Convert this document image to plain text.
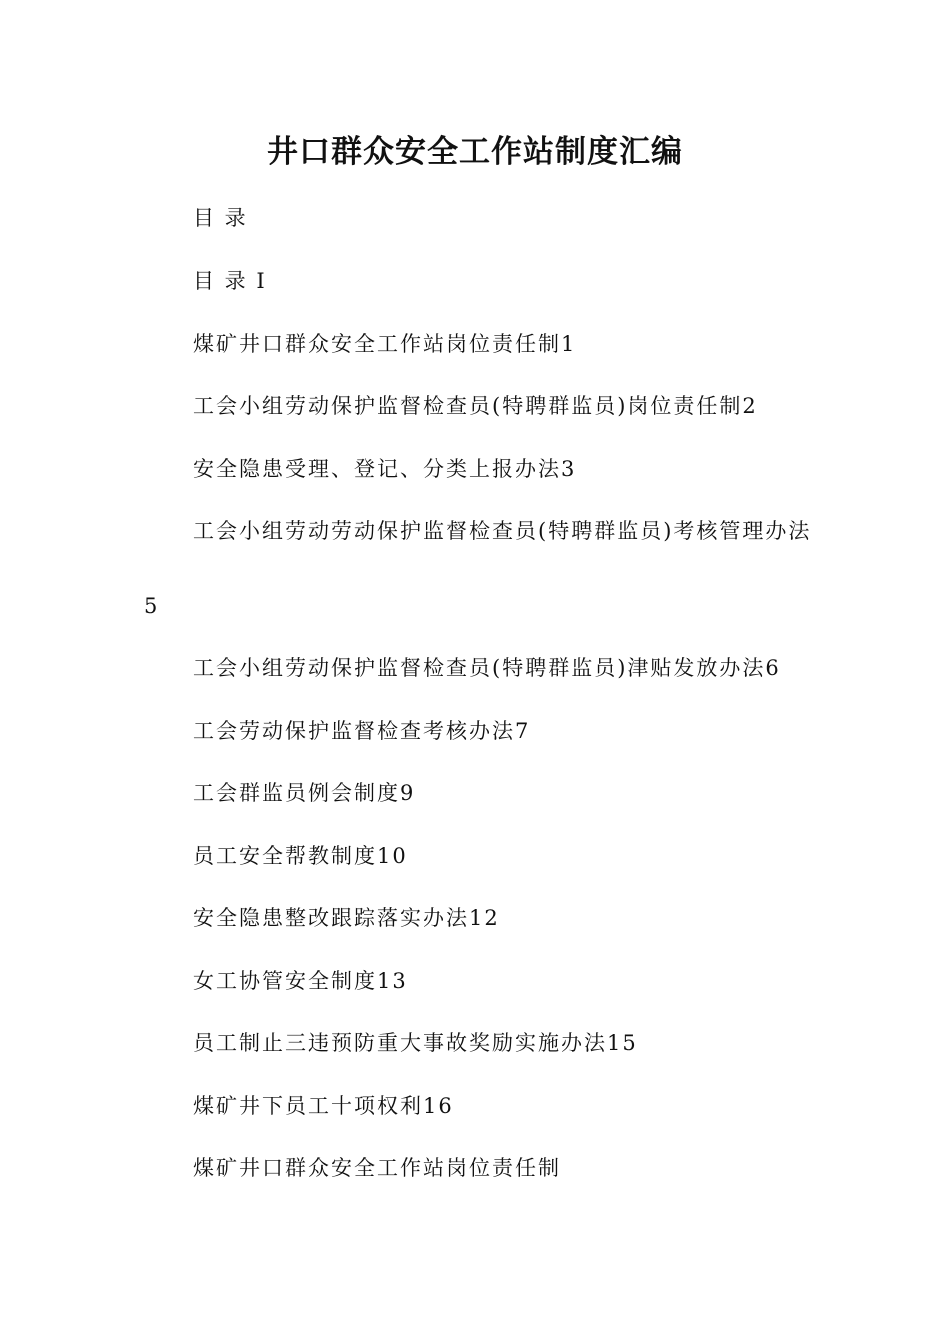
井口群众安全工作站制度汇编
目 录
目 录 I
煤矿井口群众安全工作站岗位责任制1
工会小组劳动保护监督检查员(特聘群监员)岗位责任制2
安全隐患受理、登记、分类上报办法3
工会小组劳动劳动保护监督检查员(特聘群监员)考核管理办法
5
工会小组劳动保护监督检查员(特聘群监员)津贴发放办法6
工会劳动保护监督检查考核办法7
工会群监员例会制度9
员工安全帮教制度10
安全隐患整改跟踪落实办法12
女工协管安全制度13
员工制止三违预防重大事故奖励实施办法15
煤矿井下员工十项权利16
煤矿井口群众安全工作站岗位责任制
